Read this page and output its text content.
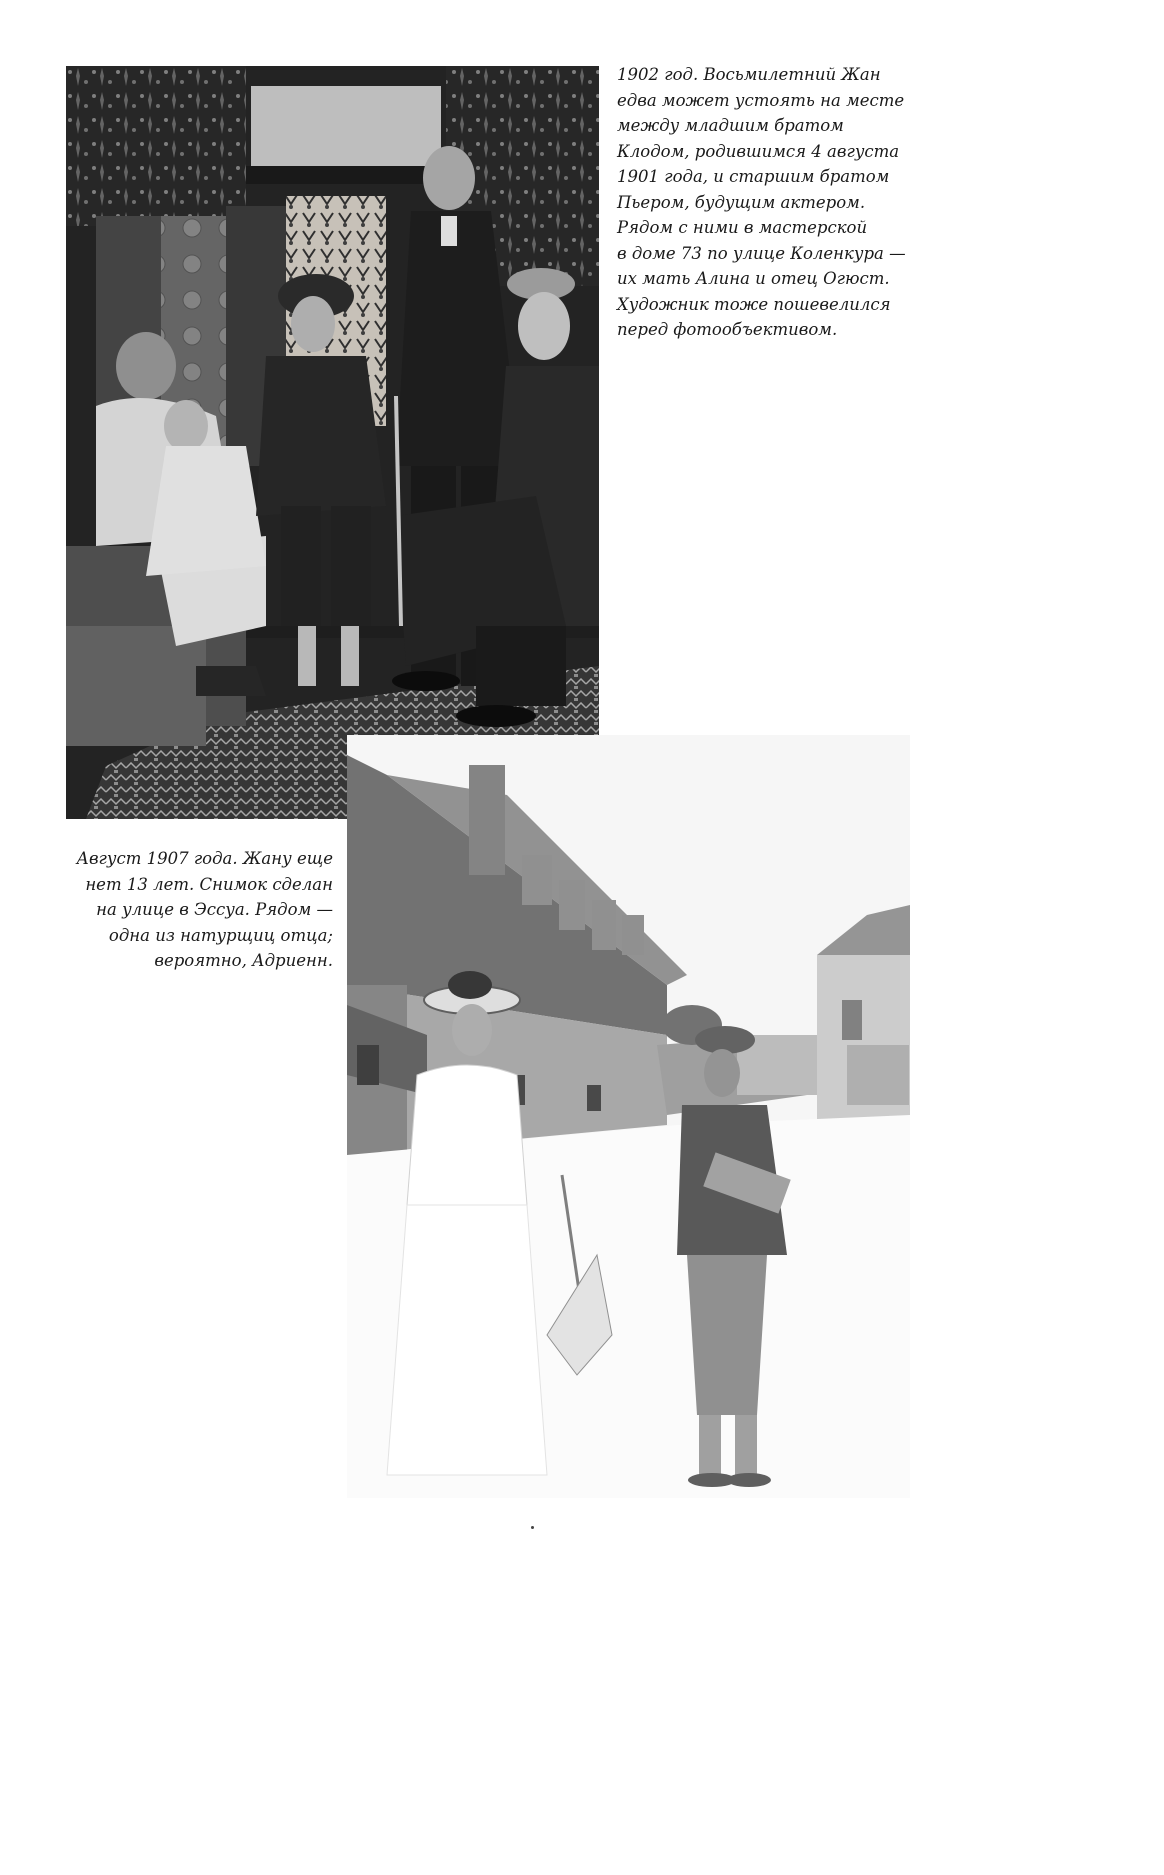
1902 год. Восьмилетний Жан
едва может устоять на месте
между младшим братом
Клодом, родившимся 4 августа
1901 года, и старшим братом
Пьером, будущим актером.
Рядом с ними в мастерской
в доме 73 по улице Коленкура —
их мать Алина и отец Огюст.
Художник тоже пошевелился
перед фотообъективом.

Август 1907 года. Жану еще
нет 13 лет. Снимок сделан
на улице в Эссуа. Рядом —
одна из натурщиц отца;
вероятно, Адриенн.
